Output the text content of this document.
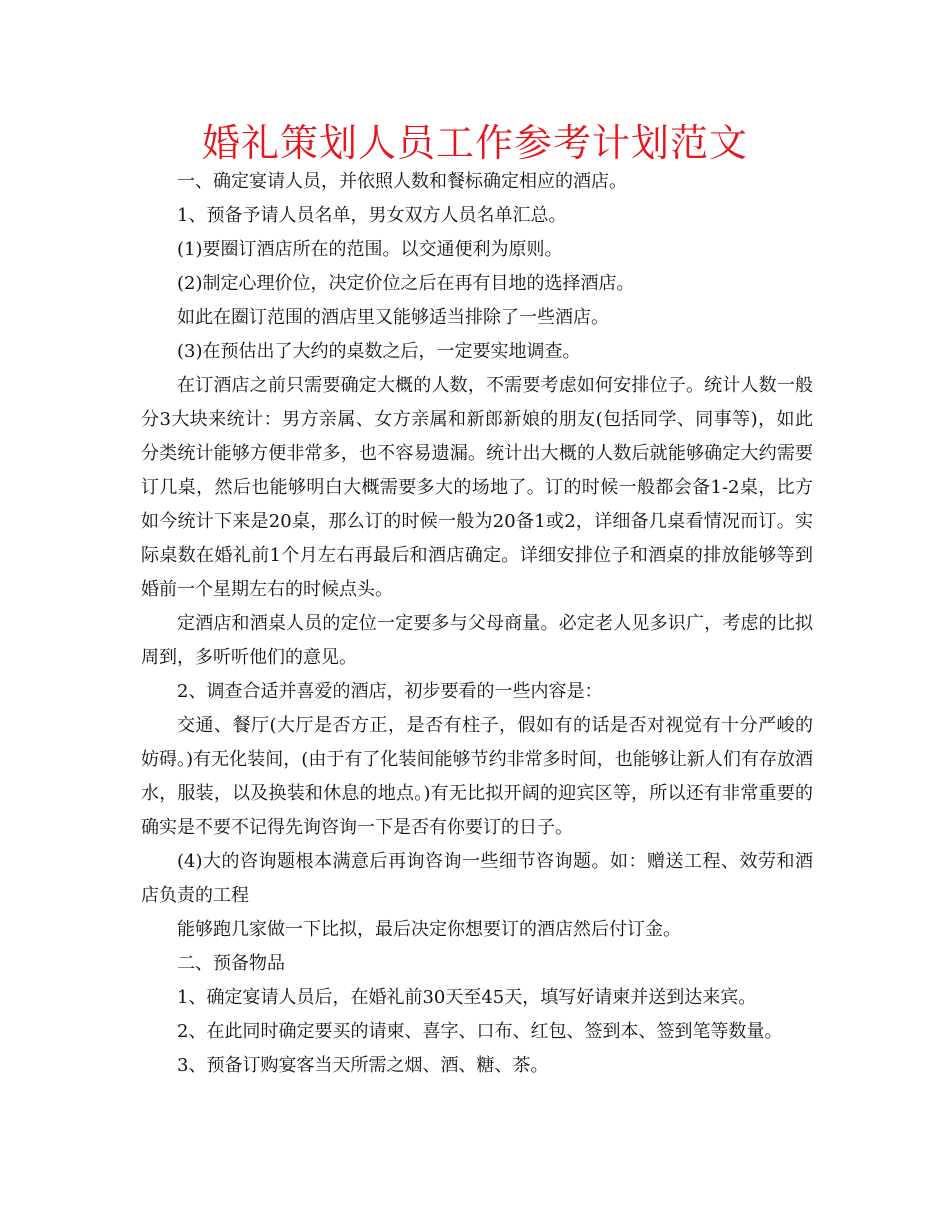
婚礼策划人员工作参考计划范文

一、确定宴请人员，并依照人数和餐标确定相应的酒店。

1、预备予请人员名单，男女双方人员名单汇总。

(1)要圈订酒店所在的范围。以交通便利为原则。

(2)制定心理价位，决定价位之后在再有目地的选择酒店。

如此在圈订范围的酒店里又能够适当排除了一些酒店。

(3)在预估出了大约的桌数之后，一定要实地调查。

在订酒店之前只需要确定大概的人数，不需要考虑如何安排位子。统计人数一般分3大块来统计：男方亲属、女方亲属和新郎新娘的朋友(包括同学、同事等)，如此分类统计能够方便非常多，也不容易遗漏。统计出大概的人数后就能够确定大约需要订几桌，然后也能够明白大概需要多大的场地了。订的时候一般都会备1-2桌，比方如今统计下来是20桌，那么订的时候一般为20备1或2，详细备几桌看情况而订。实际桌数在婚礼前1个月左右再最后和酒店确定。详细安排位子和酒桌的排放能够等到婚前一个星期左右的时候点头。

定酒店和酒桌人员的定位一定要多与父母商量。必定老人见多识广，考虑的比拟周到，多听听他们的意见。

2、调查合适并喜爱的酒店，初步要看的一些内容是：

交通、餐厅(大厅是否方正，是否有柱子，假如有的话是否对视觉有十分严峻的妨碍。)有无化装间，(由于有了化装间能够节约非常多时间，也能够让新人们有存放酒水，服装，以及换装和休息的地点。)有无比拟开阔的迎宾区等，所以还有非常重要的确实是不要不记得先询咨询一下是否有你要订的日子。

(4)大的咨询题根本满意后再询咨询一些细节咨询题。如：赠送工程、效劳和酒店负责的工程

能够跑几家做一下比拟，最后决定你想要订的酒店然后付订金。

二、预备物品

1、确定宴请人员后，在婚礼前30天至45天，填写好请柬并送到达来宾。

2、在此同时确定要买的请柬、喜字、口布、红包、签到本、签到笔等数量。

3、预备订购宴客当天所需之烟、酒、糖、茶。
